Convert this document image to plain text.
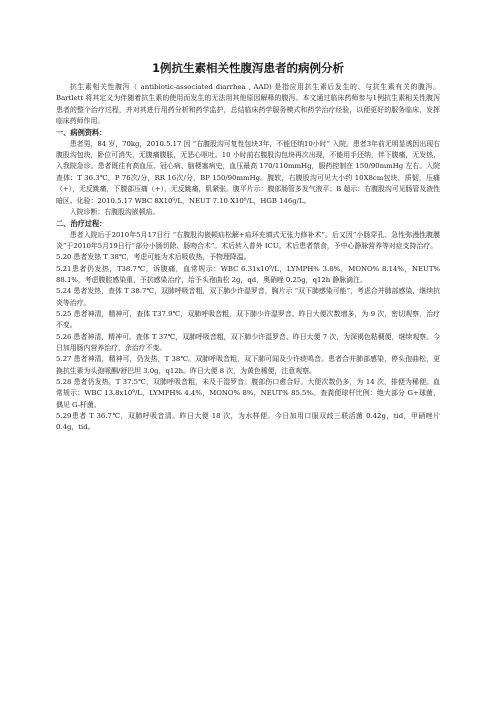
1例抗生素相关性腹泻患者的病例分析

抗生素相关性腹泻（ antibiotic-associated diarrhea , AAD) 是指应用抗生素后发生的、与抗生素有关的腹泻。Bartlett 将其定义为伴随着抗生素的使用而发生的无法用其他原因解释的腹泻。本文通过临床药师参与1例抗生素相关性腹泻患者的整个治疗过程，并对其进行用药分析和药学监护，总结临床药学服务模式和药学治疗经验，以便更好的服务临床，发挥临床药师作用。

一、病例资料：

患者男，84 岁，70kg，2010.5.17 因 “右腹股沟可复性包块3年，不能还纳10小时” 入院。患者3年前无明显诱因出现右腹股沟包块，卧位可消失，无腹痛腹胀，无恶心呕吐。10 小时前右腹股沟包块再次出现，不能用手还纳，伴下腹痛，无发热，入我院急诊。患者既往有高血压、冠心病、脑梗塞病史，血压最高 170/110mmHg，服药控制在 150/90mmHg 左右。入院查体：T 36.3℃，P 76次/分，RR 16次/分，BP 150/90mmHg。腹软，右腹股沟可见大小约 10X8cm包块，质韧，压痛（+），无反跳痛，下腹部压痛（+），无反跳痛，肌紧张。腹平片示：腹部肠管多发气液平；B 超示：右腹股沟可见肠管及液性暗区。化验：2010.5.17 WBC 8X10⁹/L，NEUT 7.10 X10⁹/L，HGB 146g/L。

入院诊断：右腹股沟嵌顿疝。

二、治疗过程：

患者入院后于2010年5月17日行 “右腹股沟嵌顿疝松解+疝环充填式无张力修补术”。后又因“小肠穿孔、急性弥漫性腹膜炎”于2010年5月19日行“部分小肠切除、肠吻合术”。术后转入普外 ICU。术后患者禁食，予中心静脉营养等对症支持治疗。

5.20 患者发热 T 38℃，考虑可能为术后吸收热，予物理降温。

5.21患者仍发热，T38.7℃，诉腹痛，血常规示：WBC 6.31x10⁹/L，LYMPH% 3.8%，MONO% 8.14%，NEUT% 88.1%，考虑腹腔感染重，予抗感染治疗，给予头孢曲松 2g，qd，奥硝唑 0.25g，q12h 静脉滴注。

5.24 患者发热，查体 T 38.7℃，双肺呼吸音粗，双下肺少许湿罗音，胸片示 “双下肺感染可能”，考虑合并肺部感染，继续抗炎等治疗。

5.25 患者神清，精神可，查体 T37.9℃，双肺呼吸音粗，双下肺少许湿罗音。昨日大便次数增多，为 9 次，密切观察，治疗不变。

5.26 患者神清，精神可。查体 T 37℃，双肺呼吸音粗，双下肺少许湿罗音。昨日大便 7 次，为深褐色粘稠便，继续观察。今日加用肠内营养治疗，余治疗不变。

5.27 患者神清，精神可，仍发热，T 38℃。双肺呼吸音粗，双下肺可闻及少许痰鸣音。患者合并肺部感染，停头孢曲松，更换抗生素为头孢哌酮/舒巴坦 3.0g，q12h。昨日大便 8 次，为黄色稀便，注意观察。

5.28 患者仍发热，T 37.5℃，双肺呼吸音粗，未及干湿罗音。腹部伤口愈合好。大便次数仍多，为 14 次，排便为稀便。血常规示：WBC 13.8x10⁹/L，LYMPH% 4.4%，MONO% 8%，NEUT% 85.5%。查粪便球杆比例：绝大部分 G+球菌，偶见 G-杆菌。

5.29患者 T 36.7℃，双肺呼吸音清。昨日大便 18 次，为水样便。今日加用口服双歧三联活菌 0.42g，tid，甲硝唑片 0.4g，tid。
